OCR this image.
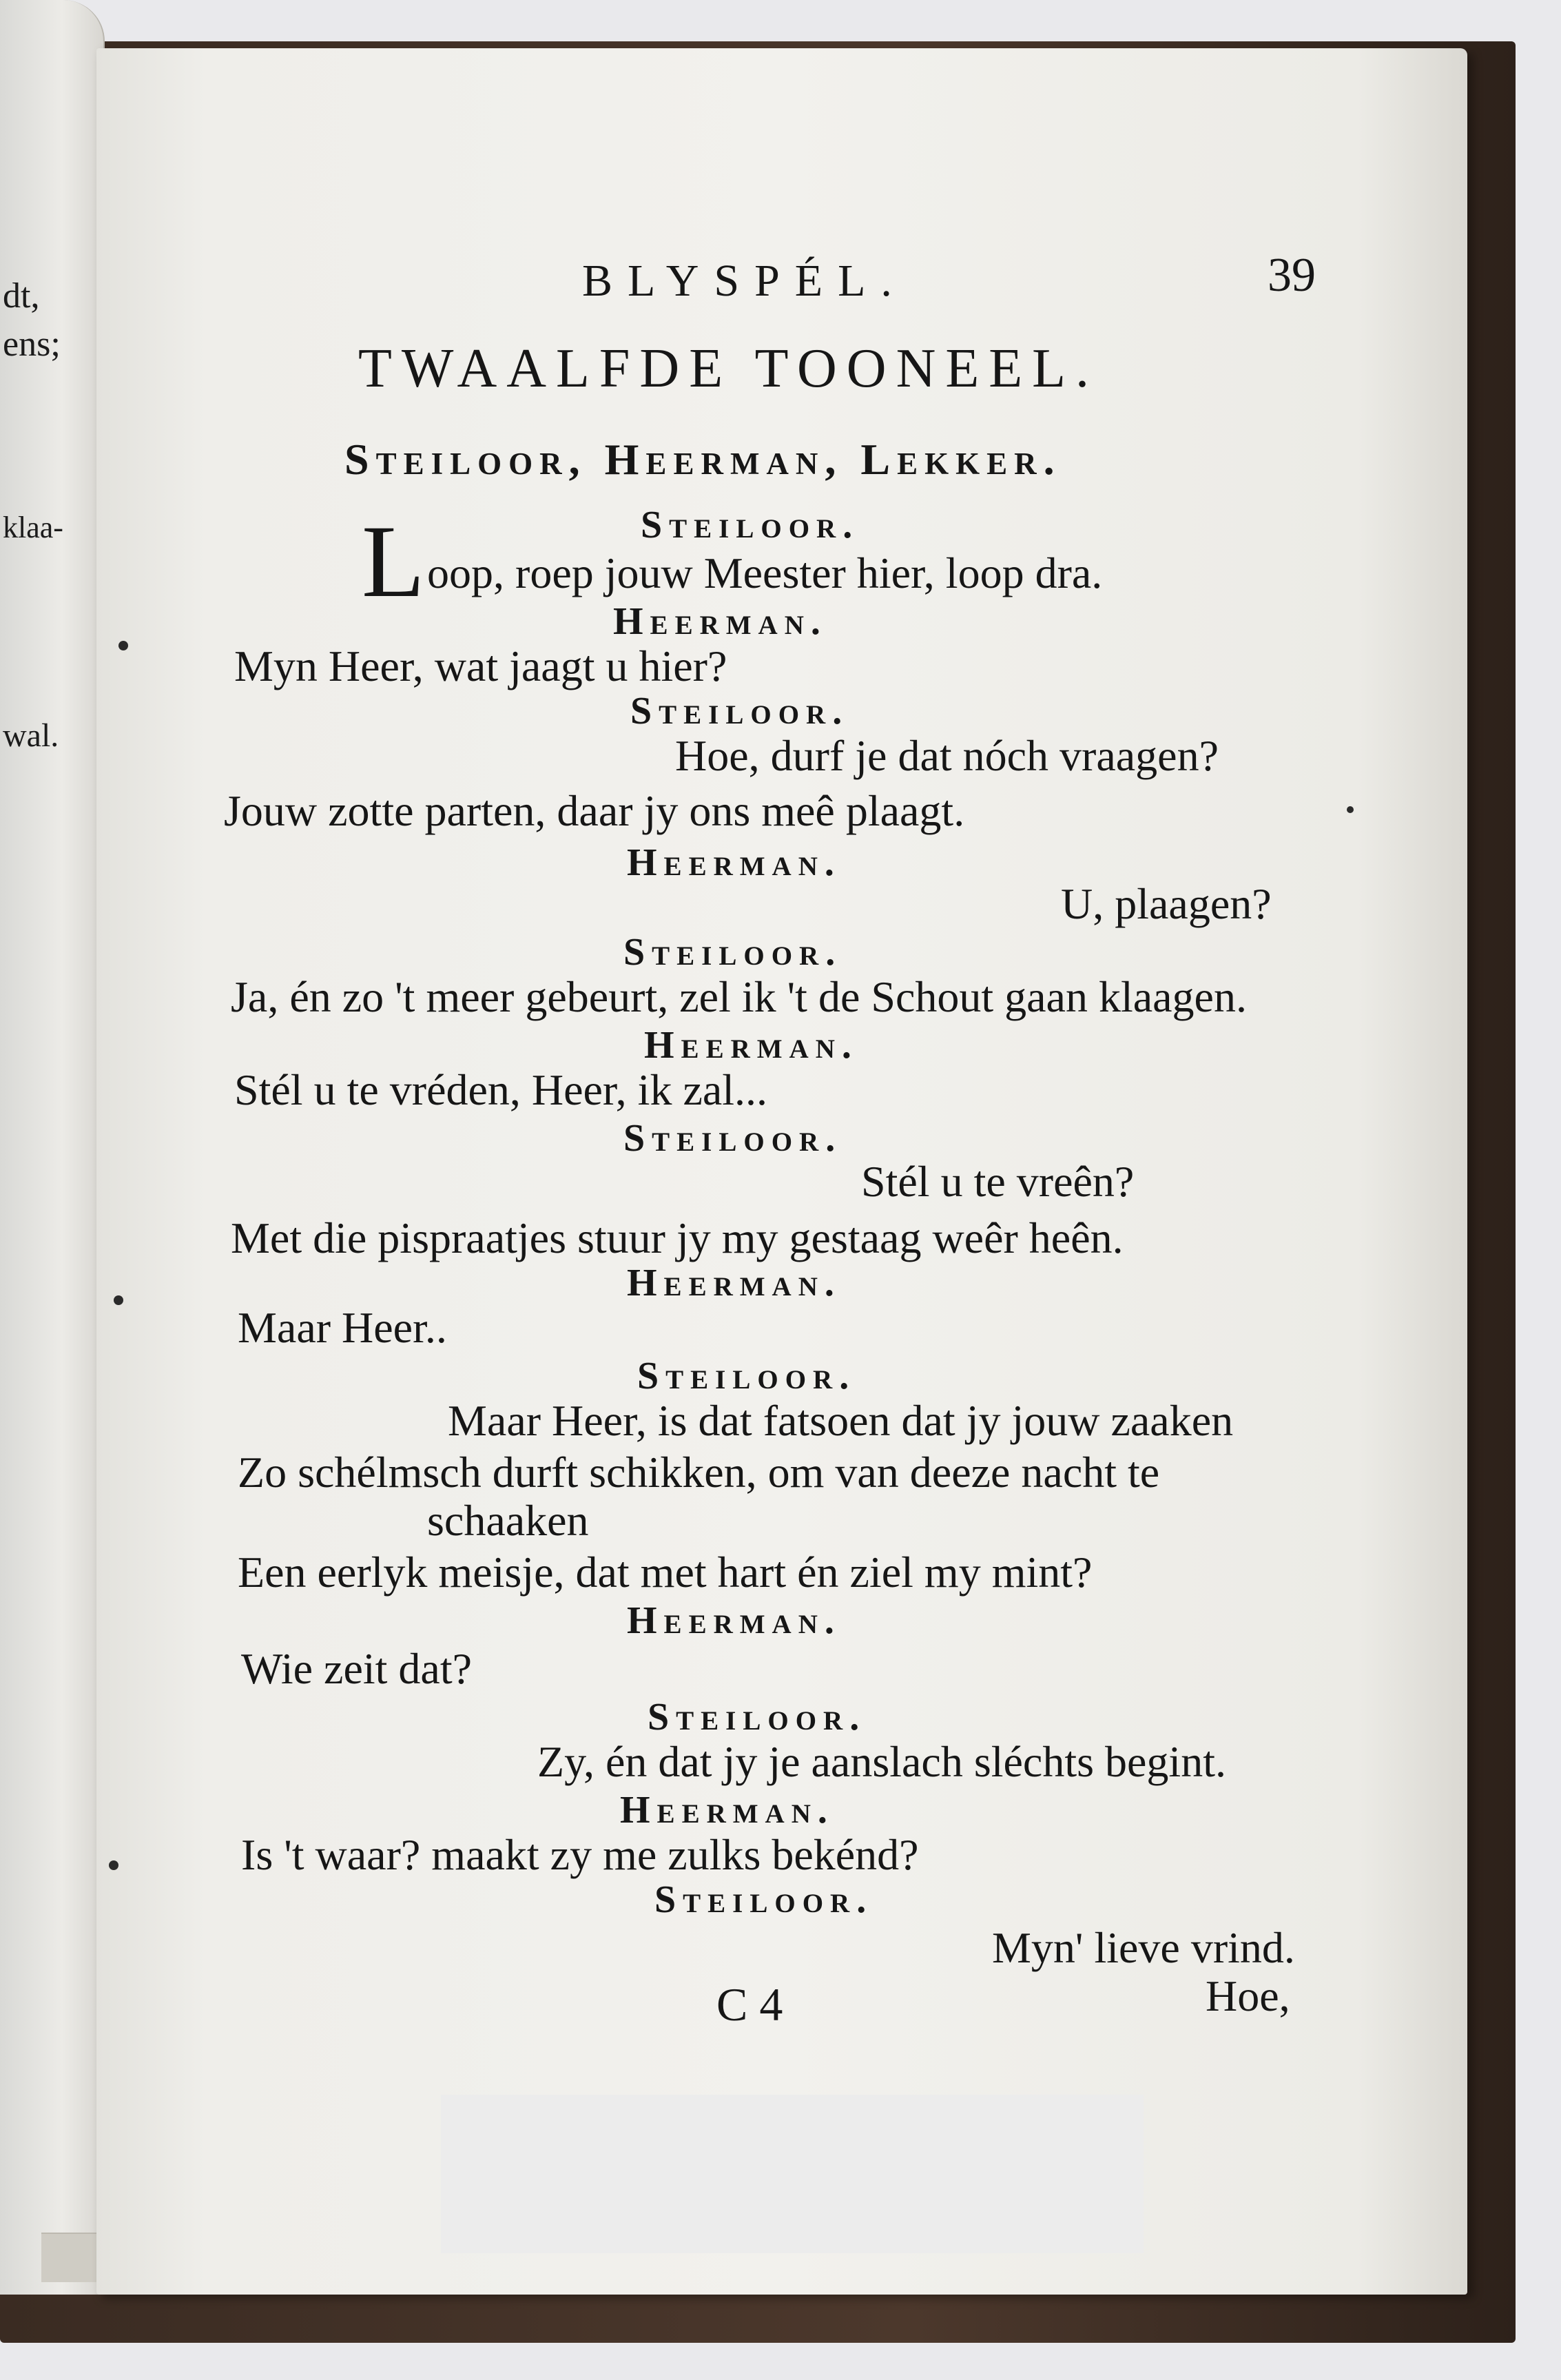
dt,
ens;
klaa-
wal.
BLYSPÉL.	39
TWAALFDE TOONEEL.
Steiloor, Heerman, Lekker.
Steiloor.
L oop, roep jouw Meester hier, loop dra.
Heerman.
Myn Heer, wat jaagt u hier?
Steiloor.
Hoe, durf je dat nóch vraagen?
Jouw zotte parten, daar jy ons meê plaagt.
Heerman.
U, plaagen?
Steiloor.
Ja, én zo 't meer gebeurt, zel ik 't de Schout gaan klaagen.
Heerman.
Stél u te vréden, Heer, ik zal...
Steiloor.
Stél u te vreên?
Met die pispraatjes stuur jy my gestaag weêr heên.
Heerman.
Maar Heer..
Steiloor.
Maar Heer, is dat fatsoen dat jy jouw zaaken
Zo schélmsch durft schikken, om van deeze nacht te
schaaken
Een eerlyk meisje, dat met hart én ziel my mint?
Heerman.
Wie zeit dat?
Steiloor.
Zy, én dat jy je aanslach sléchts begint.
Heerman.
Is 't waar? maakt zy me zulks bekénd?
Steiloor.
Myn' lieve vrind.
C 4	Hoe,
